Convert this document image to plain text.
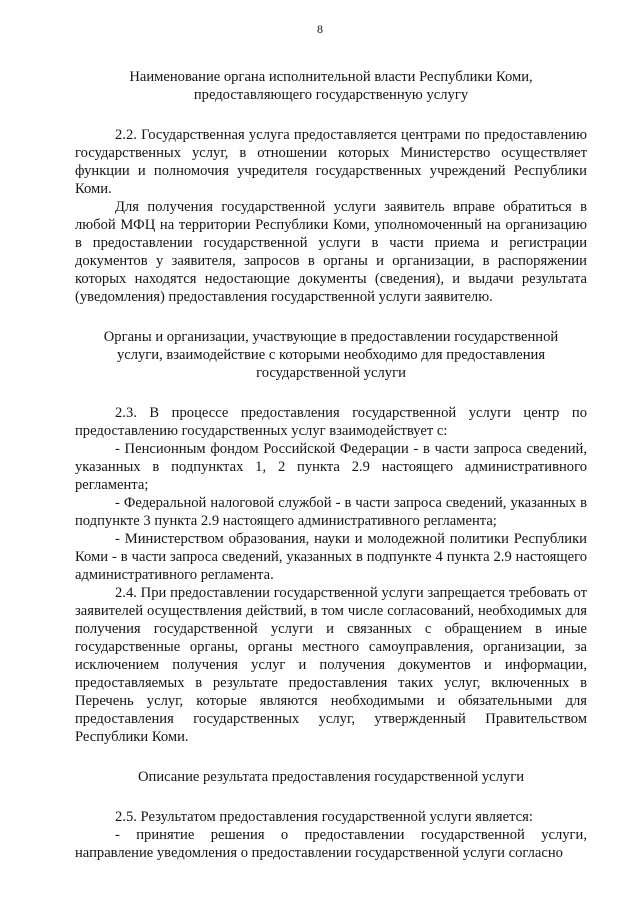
8
Наименование органа исполнительной власти Республики Коми,
предоставляющего государственную услугу

2.2. Государственная услуга предоставляется центрами по предоставлению государственных услуг, в отношении которых Министерство осуществляет функции и полномочия учредителя государственных учреждений Республики Коми.

Для получения государственной услуги заявитель вправе обратиться в любой МФЦ на территории Республики Коми, уполномоченный на организацию в предоставлении государственной услуги в части приема и регистрации документов у заявителя, запросов в органы и организации, в распоряжении которых находятся недостающие документы (сведения), и выдачи результата (уведомления) предоставления государственной услуги заявителю.

Органы и организации, участвующие в предоставлении государственной
услуги, взаимодействие с которыми необходимо для предоставления
государственной услуги

2.3. В процессе предоставления государственной услуги центр по предоставлению государственных услуг взаимодействует с:

- Пенсионным фондом Российской Федерации - в части запроса сведений, указанных в подпунктах 1, 2 пункта 2.9 настоящего административного регламента;

- Федеральной налоговой службой - в части запроса сведений, указанных в подпункте 3 пункта 2.9 настоящего административного регламента;

- Министерством образования, науки и молодежной политики Республики Коми - в части запроса сведений, указанных в подпункте 4 пункта 2.9 настоящего административного регламента.

2.4. При предоставлении государственной услуги запрещается требовать от заявителей осуществления действий, в том числе согласований, необходимых для получения государственной услуги и связанных с обращением в иные государственные органы, органы местного самоуправления, организации, за исключением получения услуг и получения документов и информации, предоставляемых в результате предоставления таких услуг, включенных в Перечень услуг, которые являются необходимыми и обязательными для предоставления государственных услуг, утвержденный Правительством Республики Коми.

Описание результата предоставления государственной услуги

2.5. Результатом предоставления государственной услуги является:

- принятие решения о предоставлении государственной услуги, направление уведомления о предоставлении государственной услуги согласно
